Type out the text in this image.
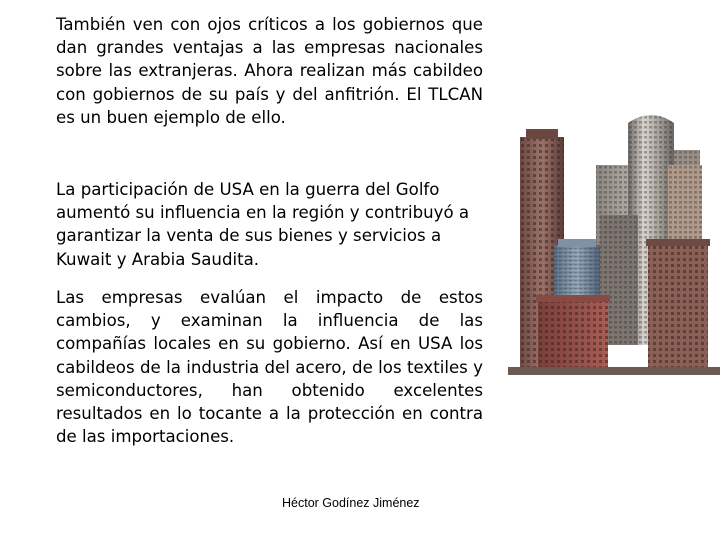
También ven con ojos críticos a los gobiernos que dan grandes ventajas a las empresas nacionales sobre las extranjeras. Ahora realizan más cabildeo con gobiernos de su país y del anfitrión. El TLCAN es un buen ejemplo de ello.

La participación de USA en la guerra del Golfo aumentó su influencia en la región y contribuyó a garantizar la venta de sus bienes y servicios a Kuwait y Arabia Saudita.

Las empresas evalúan el impacto de estos cambios, y examinan la influencia de las compañías locales en su gobierno. Así en USA los cabildeos de la industria del acero, de los textiles y semiconductores, han obtenido excelentes resultados en lo tocante a la protección en contra de las importaciones.

Héctor Godínez Jiménez
